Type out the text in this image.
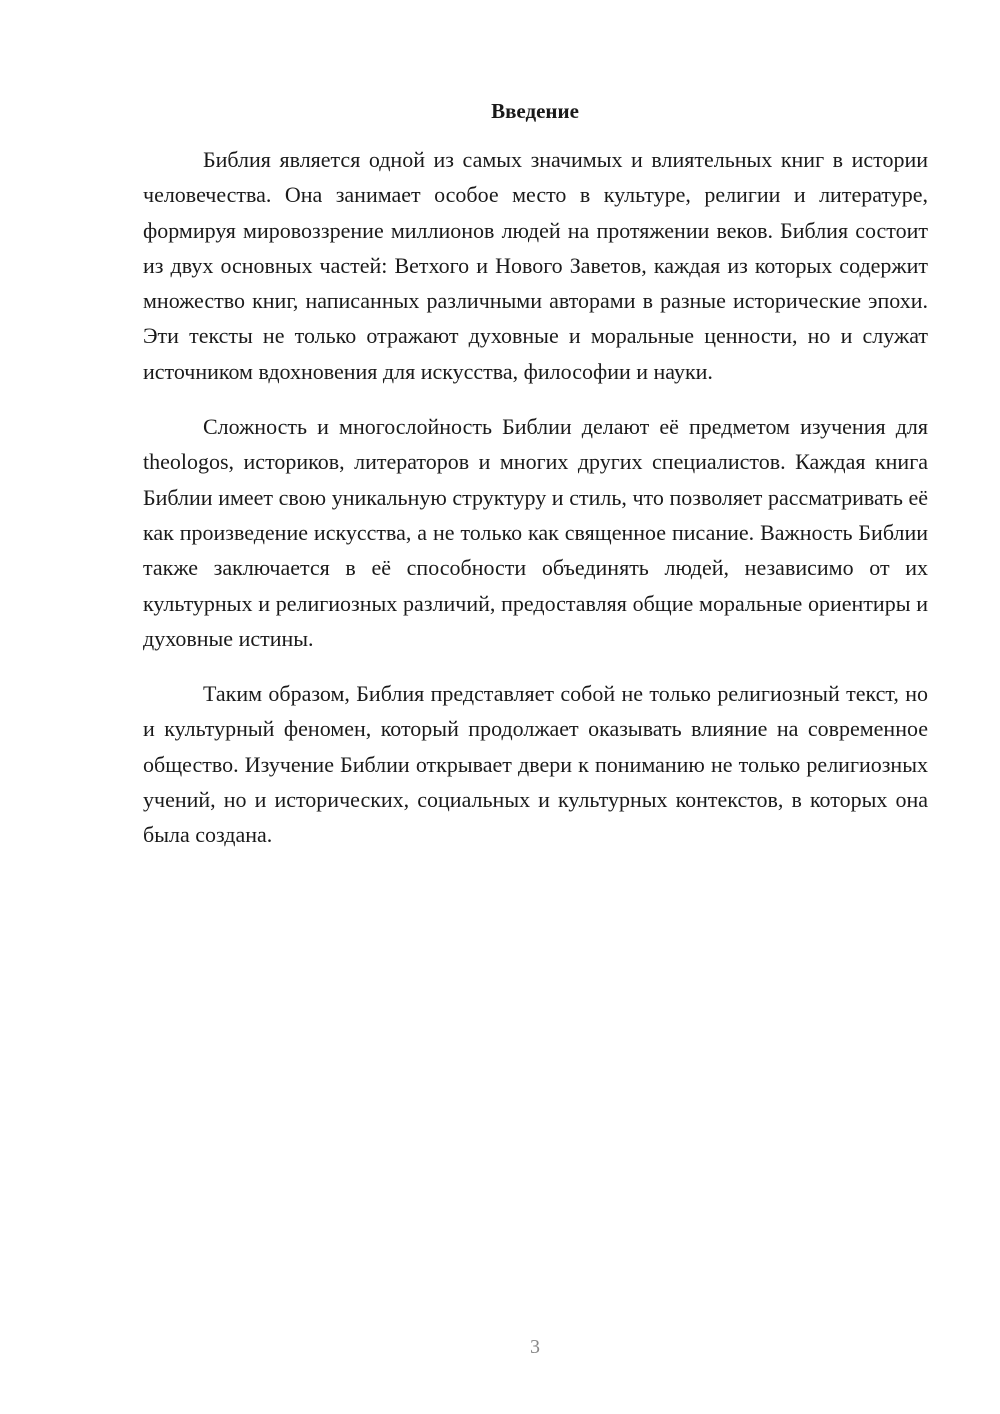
Введение

Библия является одной из самых значимых и влиятельных книг в истории человечества. Она занимает особое место в культуре, религии и литературе, формируя мировоззрение миллионов людей на протяжении веков. Библия состоит из двух основных частей: Ветхого и Нового Заветов, каждая из которых содержит множество книг, написанных различными авторами в разные исторические эпохи. Эти тексты не только отражают духовные и моральные ценности, но и служат источником вдохновения для искусства, философии и науки.

Сложность и многослойность Библии делают её предметом изучения для theologos, историков, литераторов и многих других специалистов. Каждая книга Библии имеет свою уникальную структуру и стиль, что позволяет рассматривать её как произведение искусства, а не только как священное писание. Важность Библии также заключается в её способности объединять людей, независимо от их культурных и религиозных различий, предоставляя общие моральные ориентиры и духовные истины.

Таким образом, Библия представляет собой не только религиозный текст, но и культурный феномен, который продолжает оказывать влияние на современное общество. Изучение Библии открывает двери к пониманию не только религиозных учений, но и исторических, социальных и культурных контекстов, в которых она была создана.

3
